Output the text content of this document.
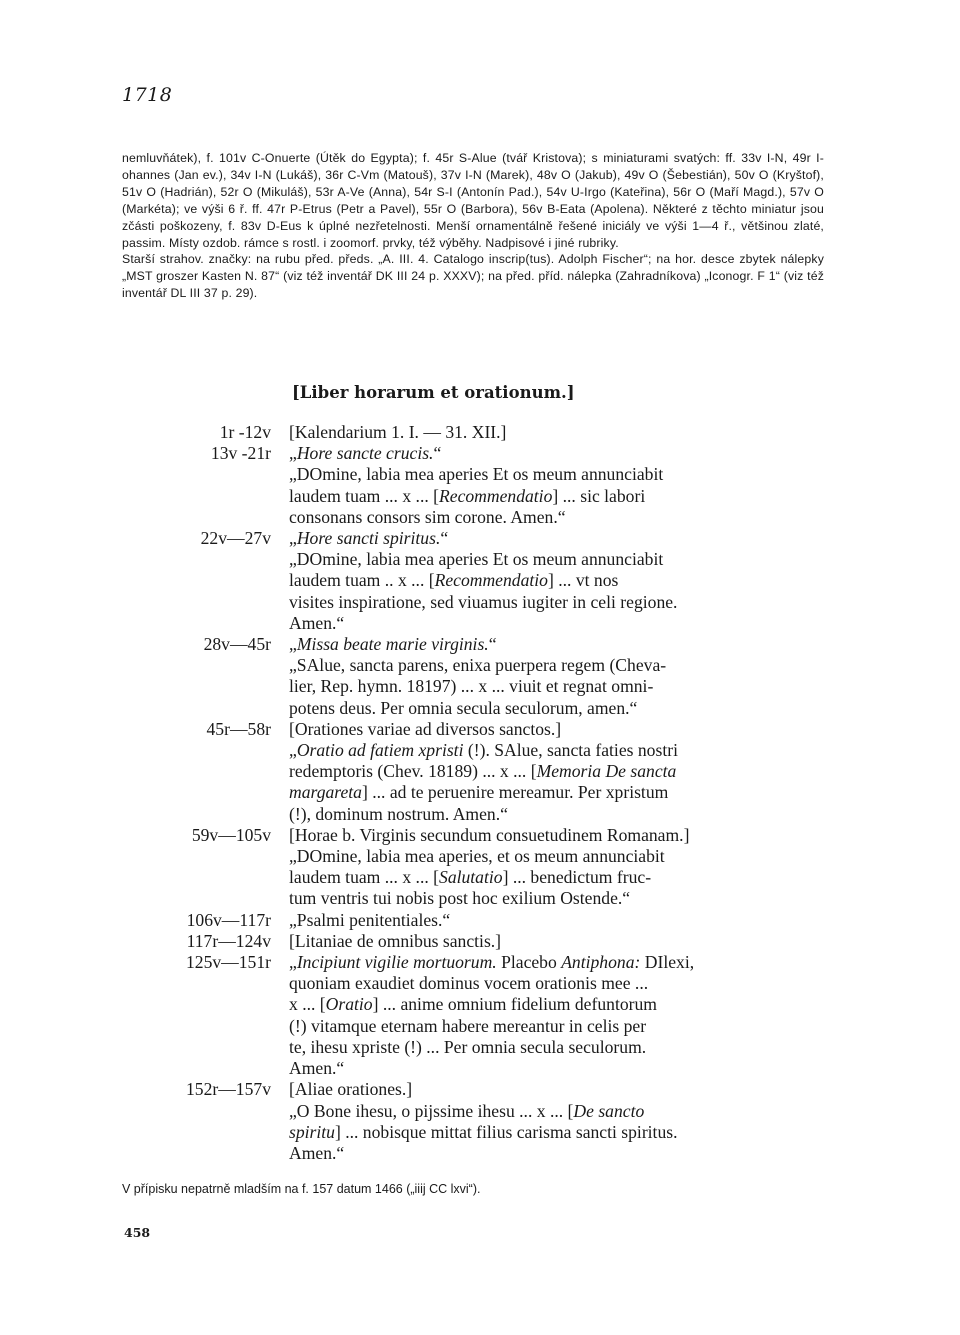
1718

nemluvňátek), f. 101v C-Onuerte (Útěk do Egypta); f. 45r S-Alue (tvář Kristova); s miniaturami svatých: ff. 33v I-N, 49r I-ohannes (Jan ev.), 34v I-N (Lukáš), 36r C-Vm (Matouš), 37v I-N (Marek), 48v O (Jakub), 49v O (Šebestián), 50v O (Kryštof), 51v O (Hadrián), 52r O (Mikuláš), 53r A-Ve (Anna), 54r S-I (Antonín Pad.), 54v U-Irgo (Kateřina), 56r O (Maří Magd.), 57v O (Markéta); ve výši 6 ř. ff. 47r P-Etrus (Petr a Pavel), 55r O (Barbora), 56v B-Eata (Apolena). Některé z těchto miniatur jsou zčásti poškozeny, f. 83v D-Eus k úplné nezřetelnosti. Menší ornamentálně řešené iniciály ve výši 1—4 ř., většinou zlaté, passim. Místy ozdob. rámce s rostl. i zoomorf. prvky, též výběhy. Nadpisové i jiné rubriky.

Starší strahov. značky: na rubu před. předs. „A. III. 4. Catalogo inscrip(tus). Adolph Fischer“; na hor. desce zbytek nálepky „MST groszer Kasten N. 87“ (viz též inventář DK III 24 p. XXXV); na před. příd. nálepka (Zahradníkova) „Iconogr. F 1“ (viz též inventář DL III 37 p. 29).

[Liber horarum et orationum.]
1r -12v [Kalendarium 1. I. — 31. XII.]
13v -21r „Hore sancte crucis.“
„DOmine, labia mea aperies Et os meum annunciabit
laudem tuam ... x ... [Recommendatio] ... sic labori
consonans consors sim corone. Amen.“
22v—27v „Hore sancti spiritus.“
„DOmine, labia mea aperies Et os meum annunciabit
laudem tuam .. x ... [Recommendatio] ... vt nos
visites inspiratione, sed viuamus iugiter in celi regione.
Amen.“
28v—45r „Missa beate marie virginis.“
„SAlue, sancta parens, enixa puerpera regem (Cheva-
lier, Rep. hymn. 18197) ... x ... viuit et regnat omni-
potens deus. Per omnia secula seculorum, amen.“
45r—58r [Orationes variae ad diversos sanctos.]
„Oratio ad fatiem xpristi (!). SAlue, sancta faties nostri
redemptoris (Chev. 18189) ... x ... [Memoria De sancta
margareta] ... ad te peruenire mereamur. Per xpristum
(!), dominum nostrum. Amen.“
59v—105v [Horae b. Virginis secundum consuetudinem Romanam.]
„DOmine, labia mea aperies, et os meum annunciabit
laudem tuam ... x ... [Salutatio] ... benedictum fruc-
tum ventris tui nobis post hoc exilium Ostende.“
106v—117r „Psalmi penitentiales.“
117r—124v [Litaniae de omnibus sanctis.]
125v—151r „Incipiunt vigilie mortuorum. Placebo Antiphona: DIlexi,
quoniam exaudiet dominus vocem orationis mee ...
x ... [Oratio] ... anime omnium fidelium defuntorum
(!) vitamque eternam habere mereantur in celis per
te, ihesu xpriste (!) ... Per omnia secula seculorum.
Amen.“
152r—157v [Aliae orationes.]
„O Bone ihesu, o pijssime ihesu ... x ... [De sancto
spiritu] ... nobisque mittat filius carisma sancti spiritus.
Amen.“
V přípisku nepatrně mladším na f. 157 datum 1466 („iiij CC lxvi“).
458
